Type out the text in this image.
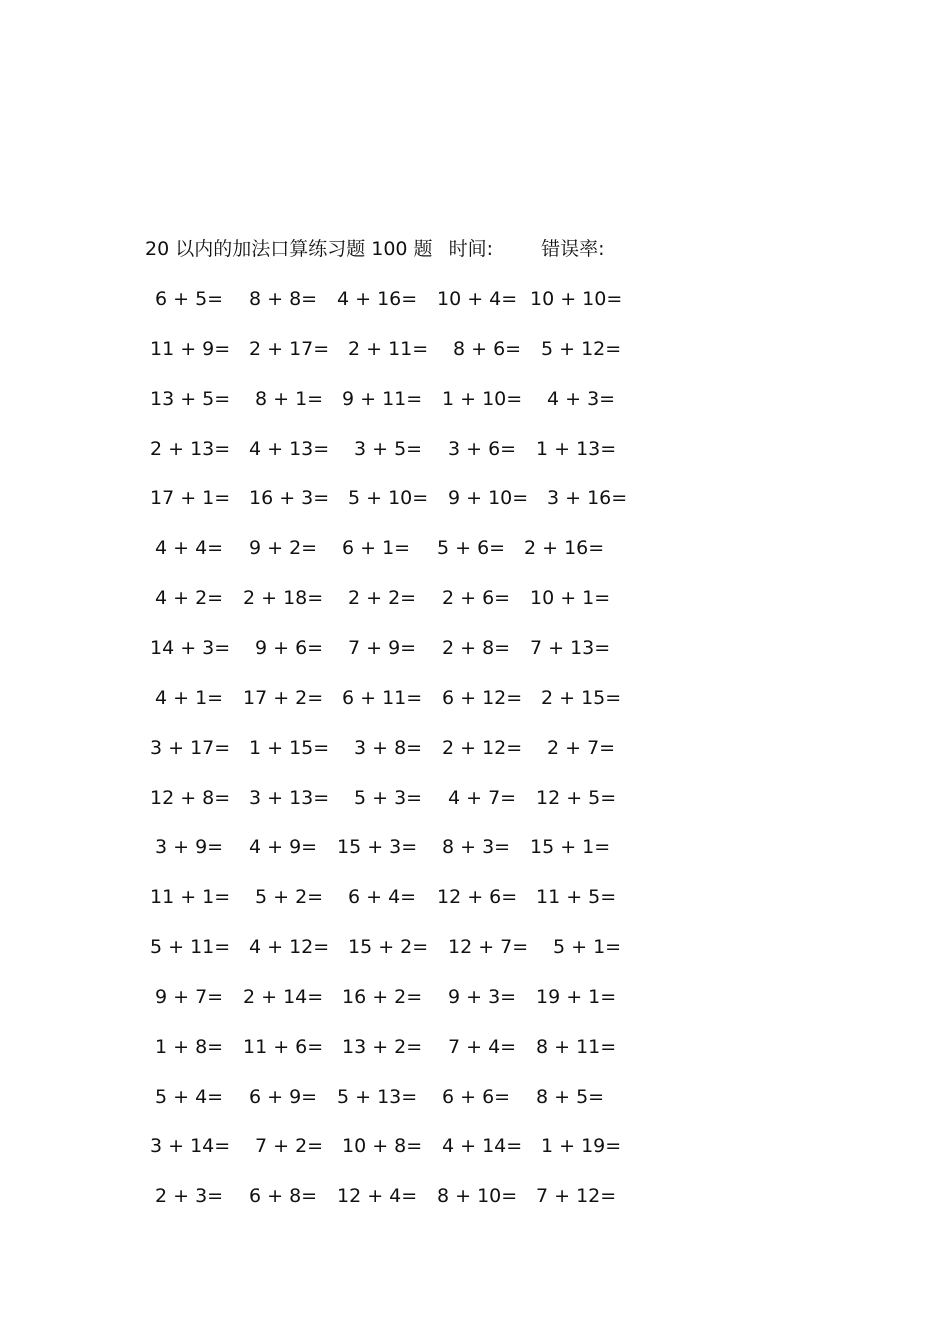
20 以内的加法口算练习题 100 题 时间:	错误率:
6 + 5= 8 + 8= 4 + 16= 10 + 4= 10 + 10=
11 + 9= 2 + 17= 2 + 11= 8 + 6= 5 + 12=
13 + 5= 8 + 1= 9 + 11= 1 + 10= 4 + 3=
2 + 13= 4 + 13= 3 + 5= 3 + 6= 1 + 13=
17 + 1= 16 + 3= 5 + 10= 9 + 10= 3 + 16=
4 + 4= 9 + 2= 6 + 1= 5 + 6= 2 + 16=
4 + 2= 2 + 18= 2 + 2= 2 + 6= 10 + 1=
14 + 3= 9 + 6= 7 + 9= 2 + 8= 7 + 13=
4 + 1= 17 + 2= 6 + 11= 6 + 12= 2 + 15=
3 + 17= 1 + 15= 3 + 8= 2 + 12= 2 + 7=
12 + 8= 3 + 13= 5 + 3= 4 + 7= 12 + 5=
3 + 9= 4 + 9= 15 + 3= 8 + 3= 15 + 1=
11 + 1= 5 + 2= 6 + 4= 12 + 6= 11 + 5=
5 + 11= 4 + 12= 15 + 2= 12 + 7= 5 + 1=
9 + 7= 2 + 14= 16 + 2= 9 + 3= 19 + 1=
1 + 8= 11 + 6= 13 + 2= 7 + 4= 8 + 11=
5 + 4= 6 + 9= 5 + 13= 6 + 6= 8 + 5=
3 + 14= 7 + 2= 10 + 8= 4 + 14= 1 + 19=
2 + 3= 6 + 8= 12 + 4= 8 + 10= 7 + 12=
